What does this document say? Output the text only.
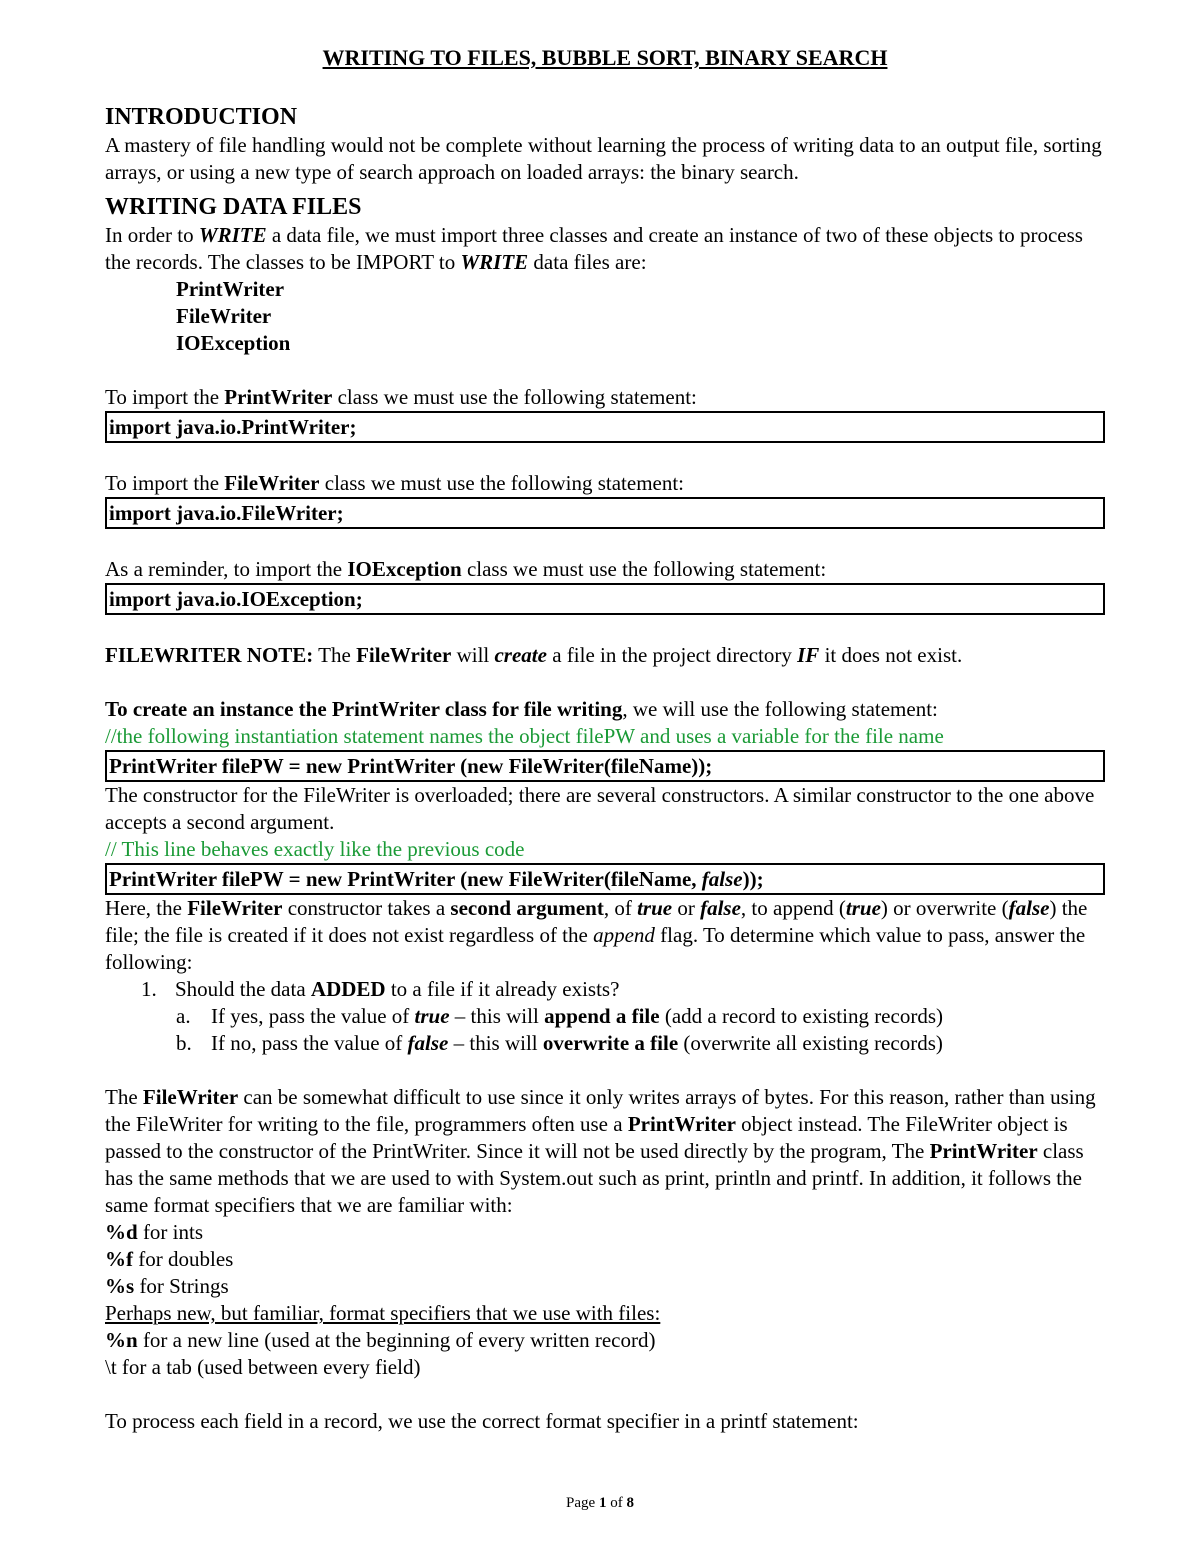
WRITING TO FILES, BUBBLE SORT, BINARY SEARCH
INTRODUCTION

A mastery of file handling would not be complete without learning the process of writing data to an output file, sorting arrays, or using a new type of search approach on loaded arrays: the binary search.

WRITING DATA FILES

In order to WRITE a data file, we must import three classes and create an instance of two of these objects to process the records. The classes to be IMPORT to WRITE data files are:

PrintWriter

FileWriter

IOException

To import the PrintWriter class we must use the following statement:

import java.io.PrintWriter;

To import the FileWriter class we must use the following statement:

import java.io.FileWriter;

As a reminder, to import the IOException class we must use the following statement:

import java.io.IOException;

FILEWRITER NOTE: The FileWriter will create a file in the project directory IF it does not exist.

To create an instance the PrintWriter class for file writing, we will use the following statement:

//the following instantiation statement names the object filePW and uses a variable for the file name

PrintWriter filePW = new PrintWriter (new FileWriter(fileName));

The constructor for the FileWriter is overloaded; there are several constructors. A similar constructor to the one above accepts a second argument.

// This line behaves exactly like the previous code

PrintWriter filePW = new PrintWriter (new FileWriter(fileName, false));

Here, the FileWriter constructor takes a second argument, of true or false, to append (true) or overwrite (false) the file; the file is created if it does not exist regardless of the append flag. To determine which value to pass, answer the following:

1. Should the data ADDED to a file if it already exists?
a. If yes, pass the value of true – this will append a file (add a record to existing records)
b. If no, pass the value of false – this will overwrite a file (overwrite all existing records)

The FileWriter can be somewhat difficult to use since it only writes arrays of bytes. For this reason, rather than using the FileWriter for writing to the file, programmers often use a PrintWriter object instead. The FileWriter object is passed to the constructor of the PrintWriter. Since it will not be used directly by the program, The PrintWriter class has the same methods that we are used to with System.out such as print, println and printf. In addition, it follows the same format specifiers that we are familiar with:

%d for ints

%f for doubles

%s for Strings

Perhaps new, but familiar, format specifiers that we use with files:

%n for a new line (used at the beginning of every written record)

\t for a tab (used between every field)

To process each field in a record, we use the correct format specifier in a printf statement:

Page 1 of 8
